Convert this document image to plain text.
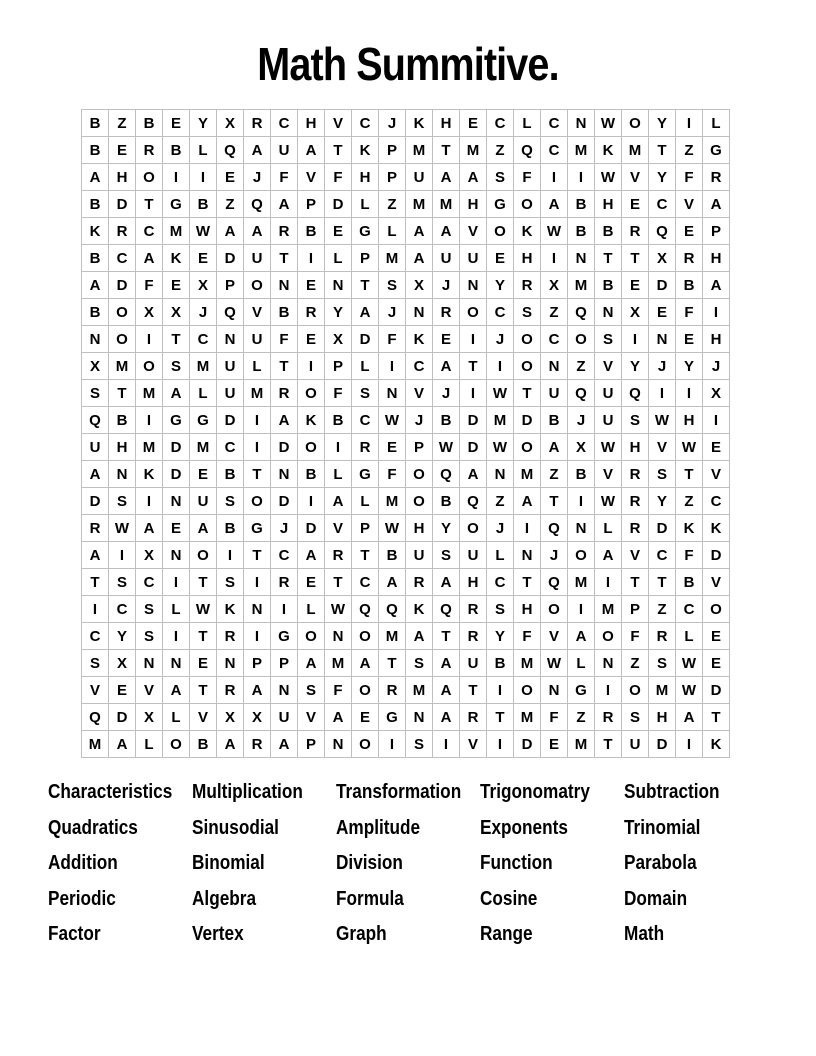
Math Summitive.
B	Z	B	E	Y	X	R	C	H	V	C	J	K	H	E	C	L	C	N W O	Y	I	L
B	E	R	B	L	Q	A	U	A	T	K	P	M	T	M	Z	Q	C	M	K	M	T	Z	G
A	H	O	I	I	E	J	F	V	F	H	P	U	A	A	S	F	I	I	W V	Y	F	R
B	D	T	G	B	Z	Q	A	P	D	L	Z	M M	H	G	O	A	B	H	E	C	V	A
K	R	C	M W A	A	R	B	E	G	L	A	A	V	O	K W B	B	R	Q	E	P
B	C	A	K	E	D	U	T	I	L	P	M	A	U	U	E	H	I	N	T	T	X	R	H
A	D	F	E	X	P	O	N	E	N	T	S	X	J	N	Y	R	X	M	B	E	D	B	A
B	O	X	X	J	Q	V	B	R	Y	A	J	N	R	O	C	S	Z	Q	N	X	E	F	I
N	O	I	T	C	N	U	F	E	X	D	F	K	E	I	J	O	C	O	S	I	N	E	H
X	M O	S	M	U	L	T	I	P	L	I	C	A	T	I	O	N	Z	V	Y	J	Y	J
S	T	M	A	L	U	M	R	O	F	S	N	V	J	I	W	T	U	Q	U	Q	I	I	X
Q	B	I	G	G	D	I	A	K	B	C W	J	B	D	M	D	B	J	U	S W H	I
U	H	M	D	M	C	I	D	O	I	R	E	P W D W O	A	X W H	V W E
A	N	K	D	E	B	T	N	B	L	G	F	O	Q	A	N	M	Z	B	V	R	S	T	V
D	S	I	N	U	S	O	D	I	A	L	M O	B	Q	Z	A	T	I	W R	Y	Z	C
R W A	E	A	B	G	J	D	V	P W H	Y	O	J	I	Q	N	L	R	D	K	K
A	I	X	N	O	I	T	C	A	R	T	B	U	S	U	L	N	J	O	A	V	C	F	D
T	S	C	I	T	S	I	R	E	T	C	A	R	A	H	C	T	Q M	I	T	T	B	V
I	C	S	L	W K	N	I	L	W Q	Q	K	Q	R	S	H	O	I	M	P	Z	C	O
C	Y	S	I	T	R	I	G	O	N	O M	A	T	R	Y	F	V	A	O	F	R	L	E
S	X	N	N	E	N	P	P	A	M	A	T	S	A	U	B	M W	L	N	Z	S W E
V	E	V	A	T	R	A	N	S	F	O	R	M	A	T	I	O	N	G	I	O M W D
Q	D	X	L	V	X	X	U	V	A	E	G	N	A	R	T	M	F	Z	R	S	H	A	T
M	A	L	O	B	A	R	A	P	N	O	I	S	I	V	I	D	E	M	T	U	D	I	K
Characteristics Multiplication	Transformation Trigonomatry	Subtraction
Quadratics	Sinusodial	Amplitude	Exponents	Trinomial
Addition	Binomial	Division	Function	Parabola
Periodic	Algebra	Formula	Cosine	Domain
Factor	Vertex	Graph	Range	Math
